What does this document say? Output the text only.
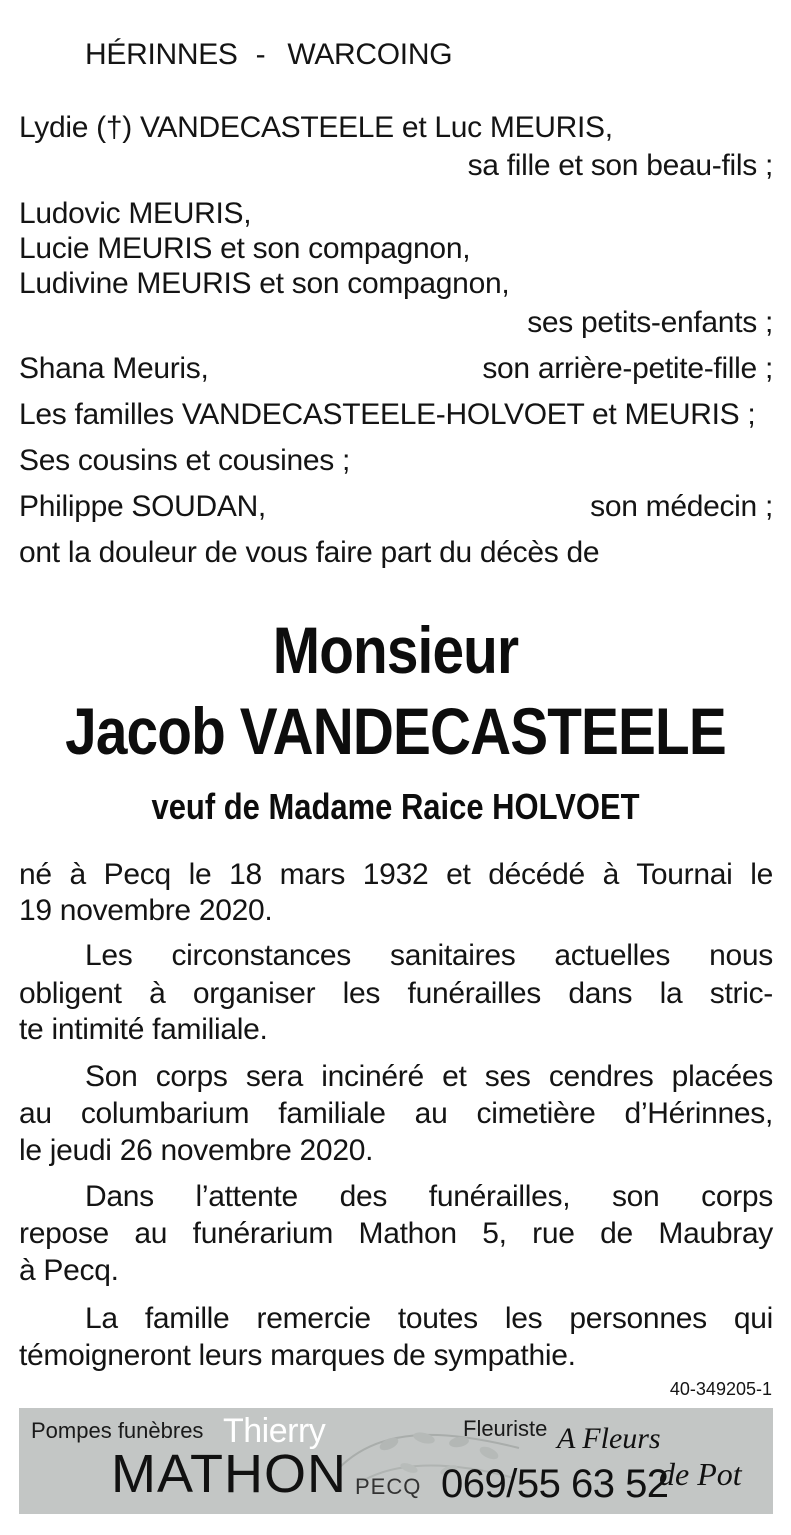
HÉRINNES - WARCOING
Lydie (†) VANDECASTEELE et Luc MEURIS,
sa fille et son beau-fils ;
Ludovic MEURIS,
Lucie MEURIS et son compagnon,
Ludivine MEURIS et son compagnon,
ses petits-enfants ;
Shana Meuris,	son arrière-petite-fille ;
Les familles VANDECASTEELE-HOLVOET et MEURIS ;
Ses cousins et cousines ;
Philippe SOUDAN,	son médecin ;
ont la douleur de vous faire part du décès de
Monsieur
Jacob VANDECASTEELE
veuf de Madame Raice HOLVOET
né à Pecq le 18 mars 1932 et décédé à Tournai le
19 novembre 2020.
Les circonstances sanitaires actuelles nous
obligent à organiser les funérailles dans la stric-
te intimité familiale.
Son corps sera incinéré et ses cendres placées
au columbarium familiale au cimetière d’Hérinnes,
le jeudi 26 novembre 2020.
Dans l’attente des funérailles, son corps
repose au funérarium Mathon 5, rue de Maubray
à Pecq.
La famille remercie toutes les personnes qui
témoigneront leurs marques de sympathie.
40-349205-1
Pompes funèbres Thierry
MATHON PECQ 069/55 63 52
Fleuriste A Fleurs
de Pot
